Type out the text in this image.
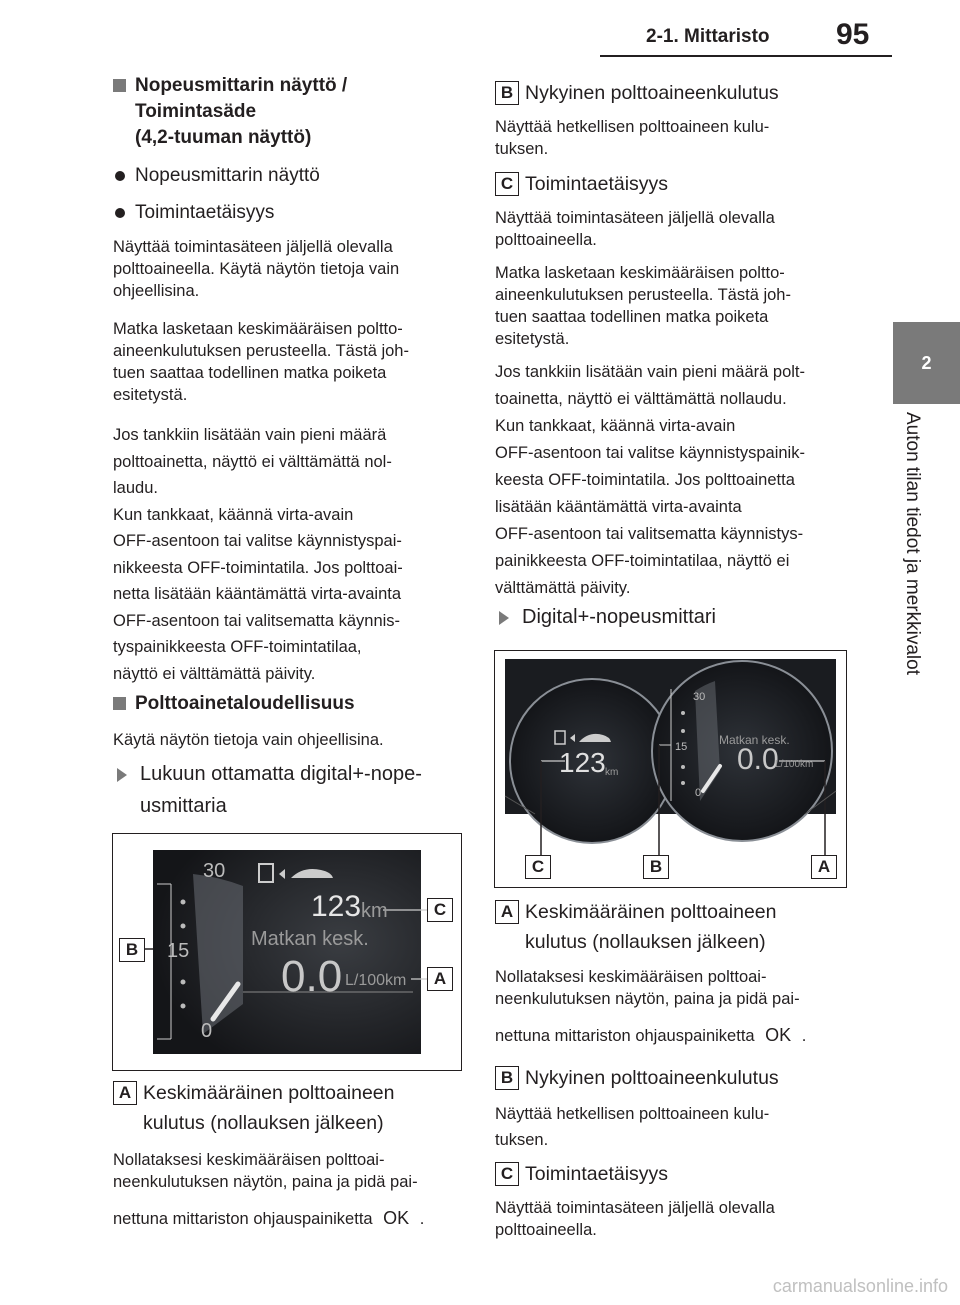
2-1. Mittaristo 95
2
Auton tilan tiedot ja merkkivalot
Nopeusmittarin näyttö /
Toimintasäde
(4,2-tuuman näyttö)
Nopeusmittarin näyttö
Toimintaetäisyys
Näyttää toimintasäteen jäljellä olevalla
polttoaineella. Käytä näytön tietoja vain
ohjeellisina.
Matka lasketaan keskimääräisen poltto-
aineenkulutuksen perusteella. Tästä joh-
tuen saattaa todellinen matka poiketa
esitetystä.
Jos tankkiin lisätään vain pieni määrä
polttoainetta, näyttö ei välttämättä nol-
laudu.
Kun tankkaat, käännä virta-avain
OFF-asentoon tai valitse käynnistyspai-
nikkeesta OFF-toimintatila. Jos polttoai-
netta lisätään kääntämättä virta-avainta
OFF-asentoon tai valitsematta käynnis-
tyspainikkeesta OFF-toimintatilaa,
näyttö ei välttämättä päivity.
Polttoainetaloudellisuus
Käytä näytön tietoja vain ohjeellisina.
Lukuun ottamatta digital+-nope-
usmittaria
30
15
0
123 km
Matkan kesk.
0.0 L/100km
C
A
B
A Keskimääräinen polttoaineen
kulutus (nollauksen jälkeen)
Nollataksesi keskimääräisen polttoai-
neenkulutuksen näytön, paina ja pidä pai-
nettuna mittariston ohjauspainiketta OK .
B Nykyinen polttoaineenkulutus
Näyttää hetkellisen polttoaineen kulu-
tuksen.
C Toimintaetäisyys
Näyttää toimintasäteen jäljellä olevalla
polttoaineella.
Matka lasketaan keskimääräisen poltto-
aineenkulutuksen perusteella. Tästä joh-
tuen saattaa todellinen matka poiketa
esitetystä.
Jos tankkiin lisätään vain pieni määrä polt-
toainetta, näyttö ei välttämättä nollaudu.
Kun tankkaat, käännä virta-avain
OFF-asentoon tai valitse käynnistyspainik-
keesta OFF-toimintatila. Jos polttoainetta
lisätään kääntämättä virta-avainta
OFF-asentoon tai valitsematta käynnistys-
painikkeesta OFF-toimintatilaa, näyttö ei
välttämättä päivity.
Digital+-nopeusmittari
123 km
Matkan kesk.
0.0
L/100km
30
15
0
C	B	A
A Keskimääräinen polttoaineen
kulutus (nollauksen jälkeen)
Nollataksesi keskimääräisen polttoai-
neenkulutuksen näytön, paina ja pidä pai-
nettuna mittariston ohjauspainiketta OK .
B Nykyinen polttoaineenkulutus
Näyttää hetkellisen polttoaineen kulu-
tuksen.
C Toimintaetäisyys
Näyttää toimintasäteen jäljellä olevalla
polttoaineella.
carmanualsonline.info
